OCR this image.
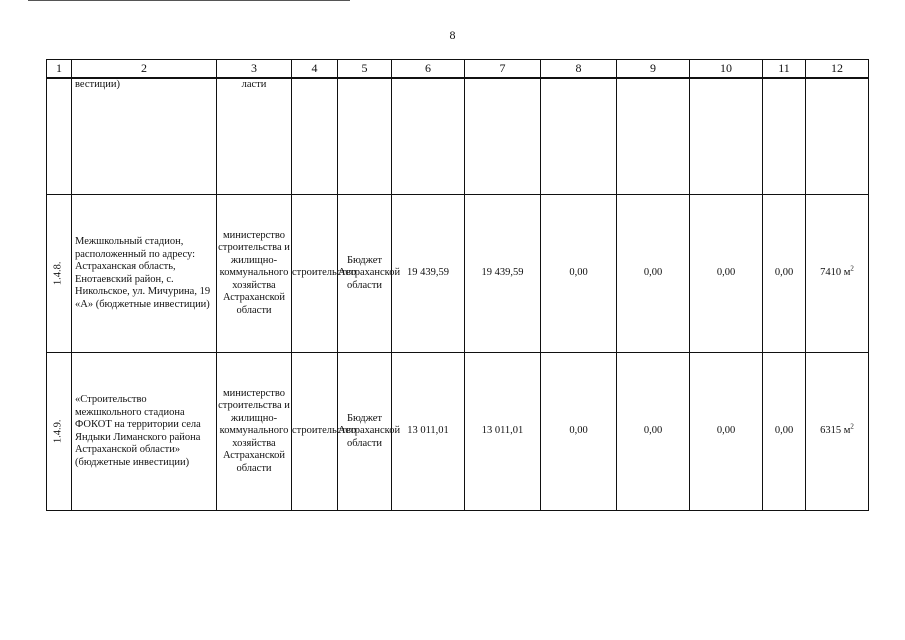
8
1	2	3	4	5	6	7	8	9	10	11	12

	вестиции)	ласти									

1.4.8.	Межшкольный стадион, расположенный по адресу: Астраханская область, Енотаевский район, с. Никольское, ул. Мичурина, 19 «А» (бюджетные инвестиции)	министерство строительства и жилищно-коммунального хозяйства Астраханской области	строительство	Бюджет Астраханской области	19 439,59	19 439,59	0,00	0,00	0,00	0,00	7410 $м^2$
1.4.9.	«Строительство межшкольного стадиона ФОКОТ на территории села Яндыки Лиманского района Астраханской области» (бюджетные инвестиции)	министерство строительства и жилищно-коммунального хозяйства Астраханской области	строительство	Бюджет Астраханской области	13 011,01	13 011,01	0,00	0,00	0,00	0,00	6315 $м^2$
